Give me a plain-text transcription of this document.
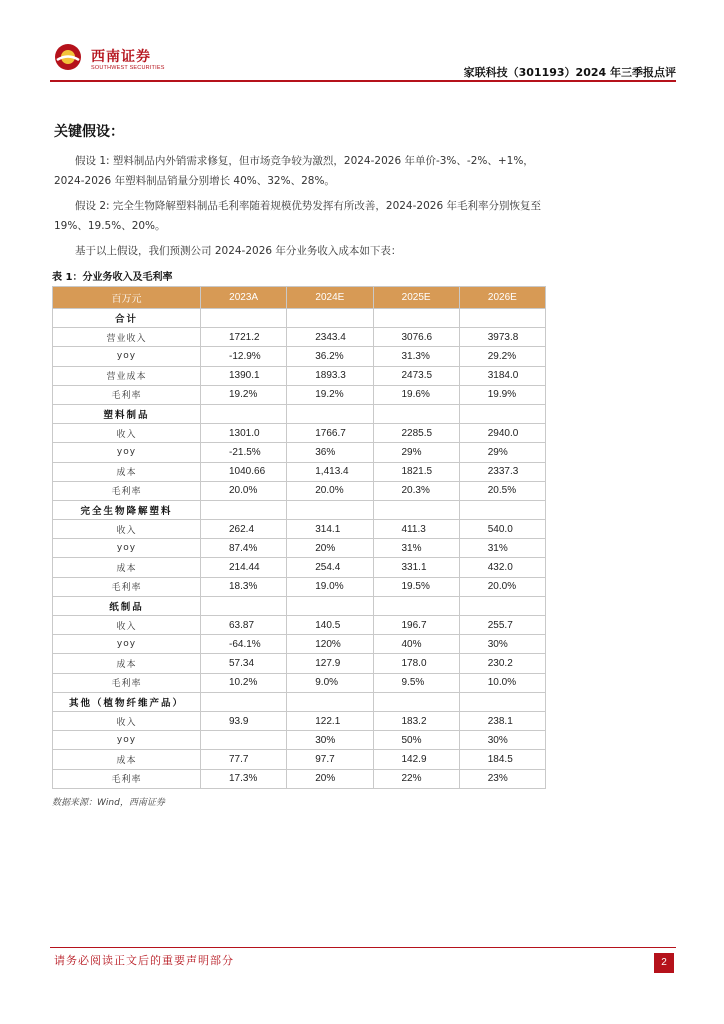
西南证券
SOUTHWEST SECURITIES	家联科技（301193）2024 年三季报点评
关键假设：

假设 1: 塑料制品内外销需求修复，但市场竞争较为激烈，2024-2026 年单价-3%、-2%、+1%，2024-2026 年塑料制品销量分别增长 40%、32%、28%。

假设 2: 完全生物降解塑料制品毛利率随着规模优势发挥有所改善，2024-2026 年毛利率分别恢复至 19%、19.5%、20%。

基于以上假设，我们预测公司 2024-2026 年分业务收入成本如下表：

表 1：分业务收入及毛利率
百万元	2023A	2024E	2025E	2026E
合计				
营业收入	1721.2	2343.4	3076.6	3973.8
yoy	-12.9%	36.2%	31.3%	29.2%
营业成本	1390.1	1893.3	2473.5	3184.0
毛利率	19.2%	19.2%	19.6%	19.9%
塑料制品				
收入	1301.0	1766.7	2285.5	2940.0
yoy	-21.5%	36%	29%	29%
成本	1040.66	1,413.4	1821.5	2337.3
毛利率	20.0%	20.0%	20.3%	20.5%
完全生物降解塑料				
收入	262.4	314.1	411.3	540.0
yoy	87.4%	20%	31%	31%
成本	214.44	254.4	331.1	432.0
毛利率	18.3%	19.0%	19.5%	20.0%
纸制品				
收入	63.87	140.5	196.7	255.7
yoy	-64.1%	120%	40%	30%
成本	57.34	127.9	178.0	230.2
毛利率	10.2%	9.0%	9.5%	10.0%
其他（植物纤维产品）				
收入	93.9	122.1	183.2	238.1
yoy		30%	50%	30%
成本	77.7	97.7	142.9	184.5
毛利率	17.3%	20%	22%	23%
数据来源：Wind，西南证券
请务必阅读正文后的重要声明部分	2
